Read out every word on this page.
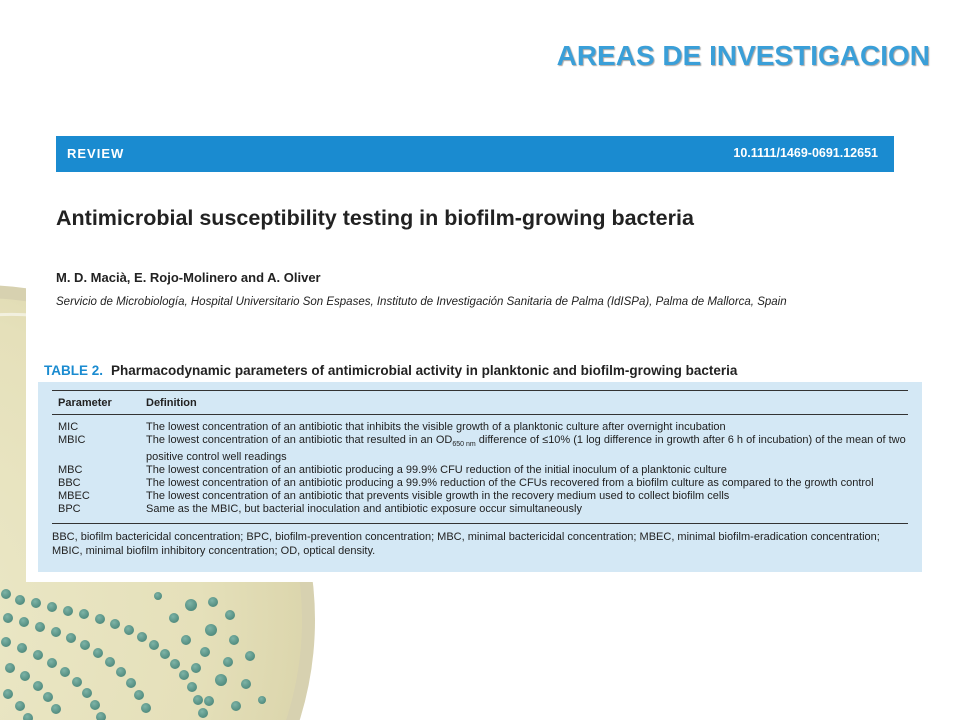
AREAS DE INVESTIGACION
REVIEW	10.1111/1469-0691.12651
Antimicrobial susceptibility testing in biofilm-growing bacteria
M. D. Macià, E. Rojo-Molinero and A. Oliver
Servicio de Microbiología, Hospital Universitario Son Espases, Instituto de Investigación Sanitaria de Palma (IdISPa), Palma de Mallorca, Spain
TABLE 2. Pharmacodynamic parameters of antimicrobial activity in planktonic and biofilm-growing bacteria
Parameter	Definition
MIC	The lowest concentration of an antibiotic that inhibits the visible growth of a planktonic culture after overnight incubation
MBIC	The lowest concentration of an antibiotic that resulted in an $OD_{650 nm}$ difference of ≤10% (1 log difference in growth after 6 h of incubation) of the mean of two positive control well readings
MBC	The lowest concentration of an antibiotic producing a 99.9% CFU reduction of the initial inoculum of a planktonic culture
BBC	The lowest concentration of an antibiotic producing a 99.9% reduction of the CFUs recovered from a biofilm culture as compared to the growth control
MBEC	The lowest concentration of an antibiotic that prevents visible growth in the recovery medium used to collect biofilm cells
BPC	Same as the MBIC, but bacterial inoculation and antibiotic exposure occur simultaneously
BBC, biofilm bactericidal concentration; BPC, biofilm-prevention concentration; MBC, minimal bactericidal concentration; MBEC, minimal biofilm-eradication concentration; MBIC, minimal biofilm inhibitory concentration; OD, optical density.
